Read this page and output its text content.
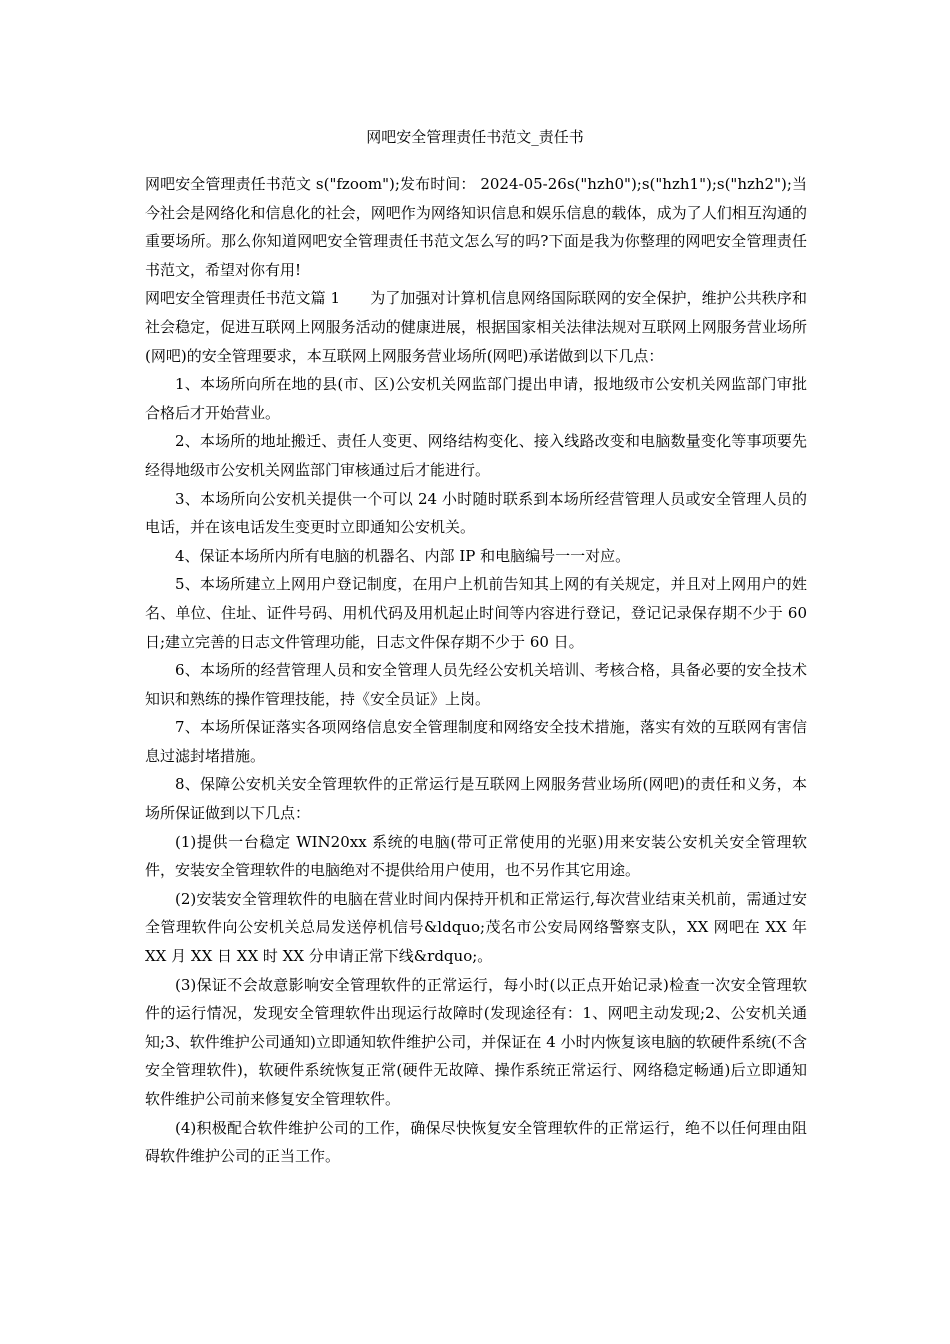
网吧安全管理责任书范文_责任书

网吧安全管理责任书范文 s("fzoom");发布时间： 2024-05-26s("hzh0");s("hzh1");s("hzh2");当今社会是网络化和信息化的社会，网吧作为网络知识信息和娱乐信息的载体，成为了人们相互沟通的重要场所。那么你知道网吧安全管理责任书范文怎么写的吗?下面是我为你整理的网吧安全管理责任书范文，希望对你有用!

网吧安全管理责任书范文篇 1　　为了加强对计算机信息网络国际联网的安全保护，维护公共秩序和社会稳定，促进互联网上网服务活动的健康进展，根据国家相关法律法规对互联网上网服务营业场所(网吧)的安全管理要求，本互联网上网服务营业场所(网吧)承诺做到以下几点：

1、本场所向所在地的县(市、区)公安机关网监部门提出申请，报地级市公安机关网监部门审批合格后才开始营业。

2、本场所的地址搬迁、责任人变更、网络结构变化、接入线路改变和电脑数量变化等事项要先经得地级市公安机关网监部门审核通过后才能进行。

3、本场所向公安机关提供一个可以 24 小时随时联系到本场所经营管理人员或安全管理人员的电话，并在该电话发生变更时立即通知公安机关。

4、保证本场所内所有电脑的机器名、内部 IP 和电脑编号一一对应。

5、本场所建立上网用户登记制度，在用户上机前告知其上网的有关规定，并且对上网用户的姓名、单位、住址、证件号码、用机代码及用机起止时间等内容进行登记，登记记录保存期不少于 60 日;建立完善的日志文件管理功能，日志文件保存期不少于 60 日。

6、本场所的经营管理人员和安全管理人员先经公安机关培训、考核合格，具备必要的安全技术知识和熟练的操作管理技能，持《安全员证》上岗。

7、本场所保证落实各项网络信息安全管理制度和网络安全技术措施，落实有效的互联网有害信息过滤封堵措施。

8、保障公安机关安全管理软件的正常运行是互联网上网服务营业场所(网吧)的责任和义务，本场所保证做到以下几点：

(1)提供一台稳定 WIN20xx 系统的电脑(带可正常使用的光驱)用来安装公安机关安全管理软件，安装安全管理软件的电脑绝对不提供给用户使用，也不另作其它用途。

(2)安装安全管理软件的电脑在营业时间内保持开机和正常运行,每次营业结束关机前，需通过安全管理软件向公安机关总局发送停机信号&ldquo;茂名市公安局网络警察支队，XX 网吧在 XX 年 XX 月 XX 日 XX 时 XX 分申请正常下线&rdquo;。

(3)保证不会故意影响安全管理软件的正常运行，每小时(以正点开始记录)检查一次安全管理软件的运行情况，发现安全管理软件出现运行故障时(发现途径有：1、网吧主动发现;2、公安机关通知;3、软件维护公司通知)立即通知软件维护公司，并保证在 4 小时内恢复该电脑的软硬件系统(不含安全管理软件)，软硬件系统恢复正常(硬件无故障、操作系统正常运行、网络稳定畅通)后立即通知软件维护公司前来修复安全管理软件。

(4)积极配合软件维护公司的工作，确保尽快恢复安全管理软件的正常运行，绝不以任何理由阻碍软件维护公司的正当工作。
